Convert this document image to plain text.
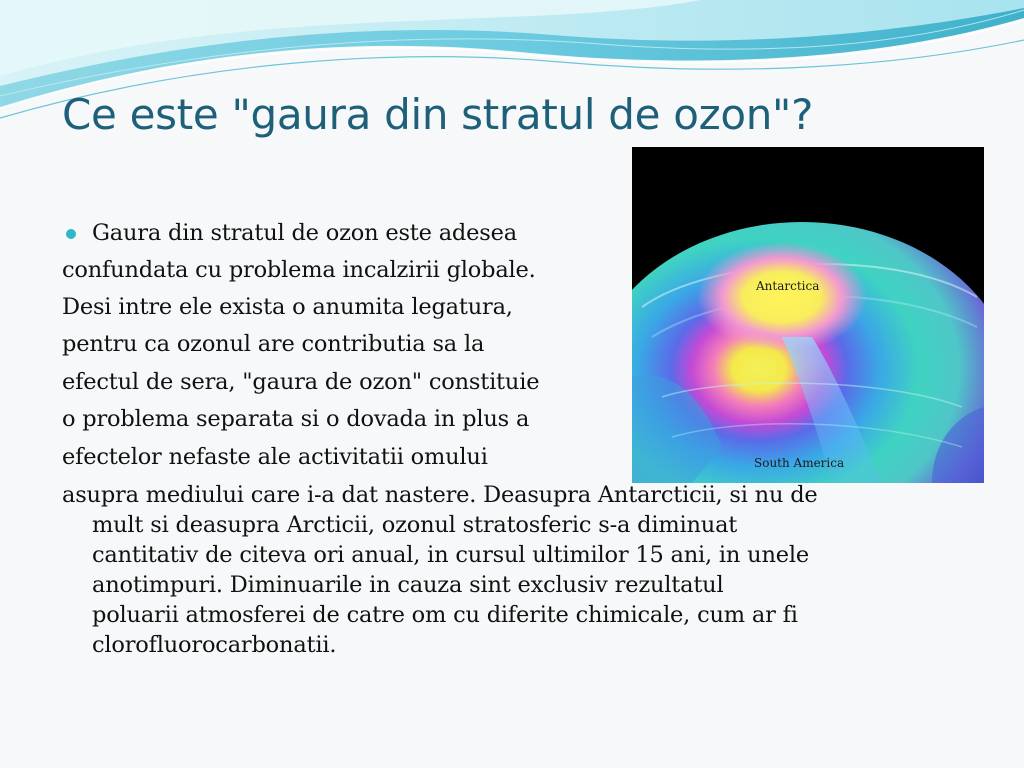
Ce este "gaura din stratul de ozon"?
Antarctica
South America
Gaura din stratul de ozon este adesea
confundata cu problema incalzirii globale.
Desi intre ele exista o anumita legatura,
pentru ca ozonul are contributia sa la
efectul de sera, "gaura de ozon" constituie
o problema separata si o dovada in plus a
efectelor nefaste ale activitatii omului
asupra mediului care i-a dat nastere. Deasupra Antarcticii, si nu de
mult si deasupra Arcticii, ozonul stratosferic s-a diminuat
cantitativ de citeva ori anual, in cursul ultimilor 15 ani, in unele
anotimpuri. Diminuarile in cauza sint exclusiv rezultatul
poluarii atmosferei de catre om cu diferite chimicale, cum ar fi
clorofluorocarbonatii.
